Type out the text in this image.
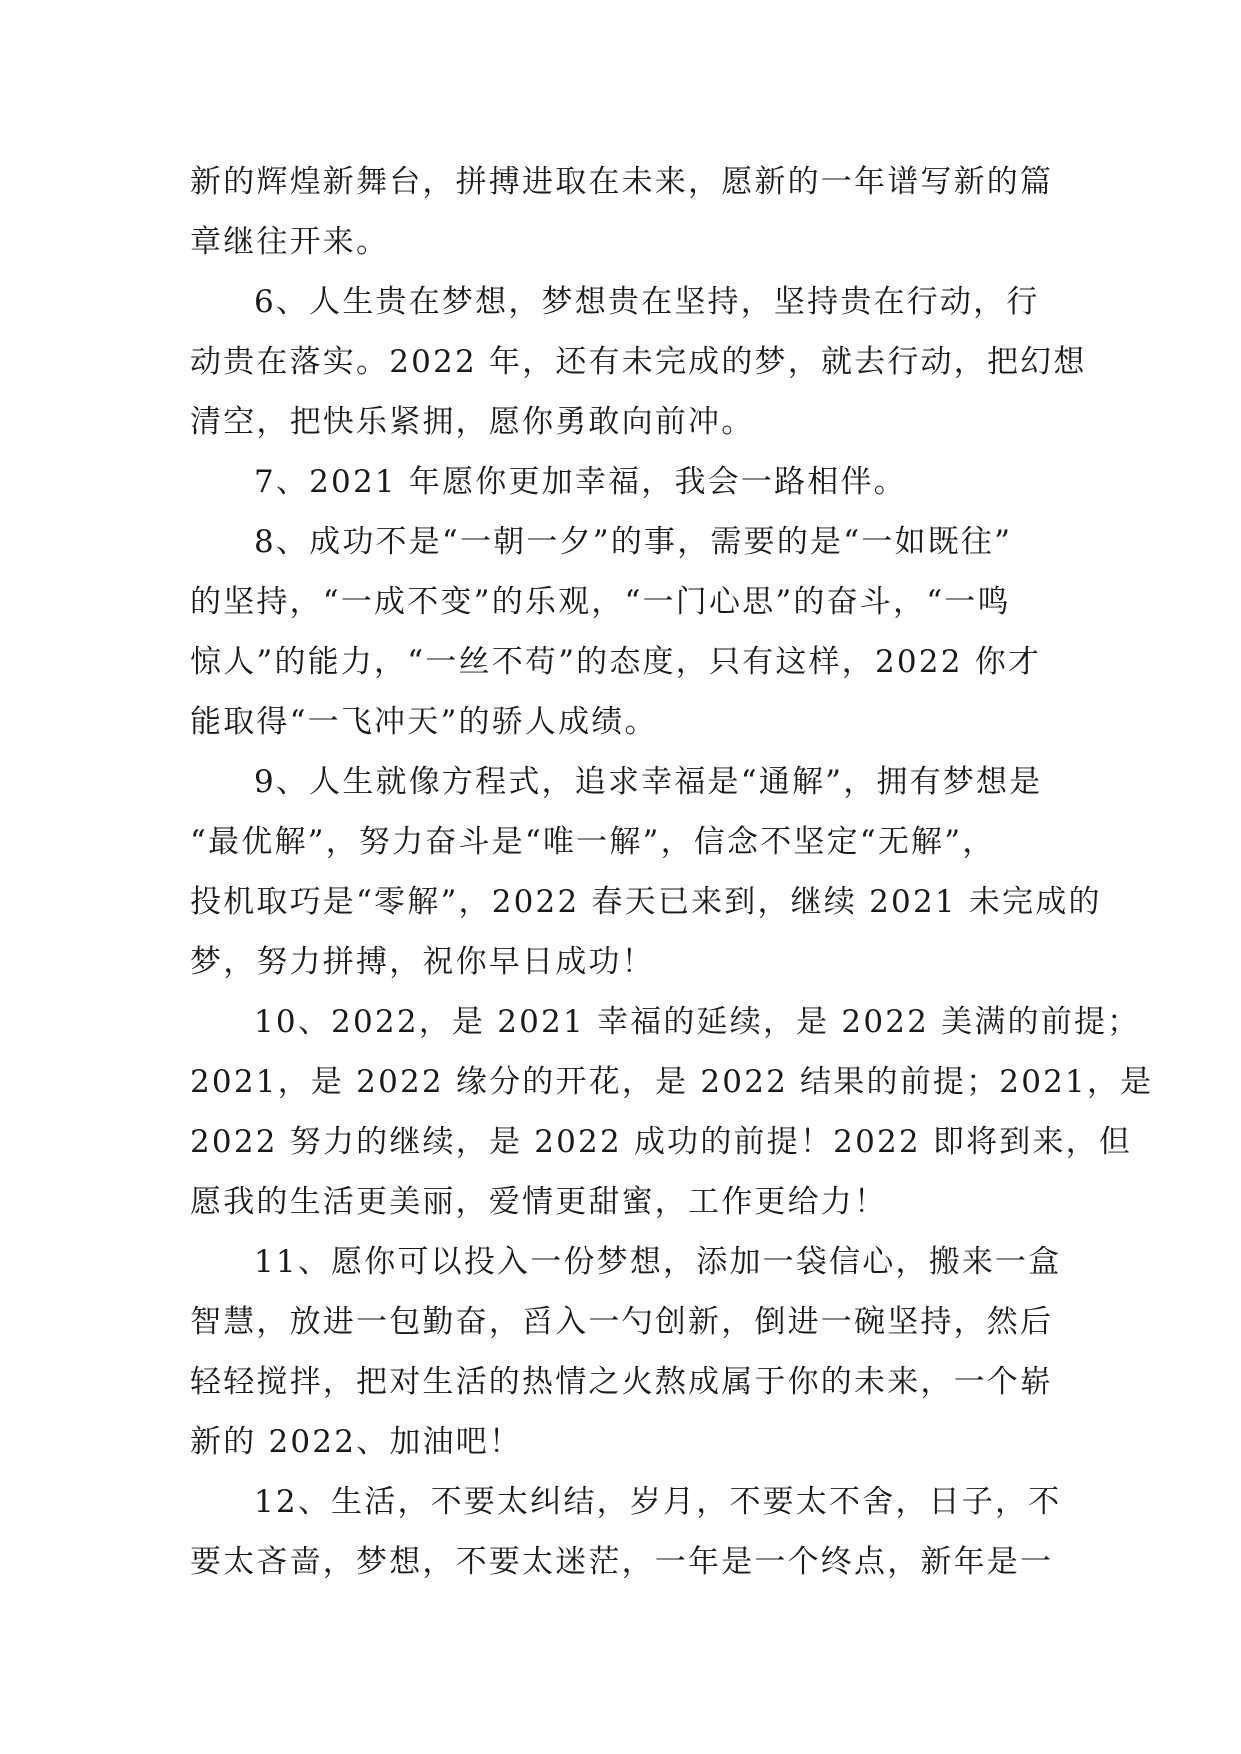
新的辉煌新舞台，拼搏进取在未来，愿新的一年谱写新的篇
章继往开来。
6、人生贵在梦想，梦想贵在坚持，坚持贵在行动，行
动贵在落实。2022 年，还有未完成的梦，就去行动，把幻想
清空，把快乐紧拥，愿你勇敢向前冲。
7、2021 年愿你更加幸福，我会一路相伴。
8、成功不是“一朝一夕”的事，需要的是“一如既往”
的坚持，“一成不变”的乐观，“一门心思”的奋斗，“一鸣
惊人”的能力，“一丝不苟”的态度，只有这样，2022 你才
能取得“一飞冲天”的骄人成绩。
9、人生就像方程式，追求幸福是“通解”，拥有梦想是
“最优解”，努力奋斗是“唯一解”，信念不坚定“无解”，
投机取巧是“零解”，2022 春天已来到，继续 2021 未完成的
梦，努力拼搏，祝你早日成功！
10、2022，是 2021 幸福的延续，是 2022 美满的前提；
2021，是 2022 缘分的开花，是 2022 结果的前提；2021，是
2022 努力的继续，是 2022 成功的前提！2022 即将到来，但
愿我的生活更美丽，爱情更甜蜜，工作更给力！
11、愿你可以投入一份梦想，添加一袋信心，搬来一盒
智慧，放进一包勤奋，舀入一勺创新，倒进一碗坚持，然后
轻轻搅拌，把对生活的热情之火熬成属于你的未来，一个崭
新的 2022、加油吧！
12、生活，不要太纠结，岁月，不要太不舍，日子，不
要太吝啬，梦想，不要太迷茫，一年是一个终点，新年是一
